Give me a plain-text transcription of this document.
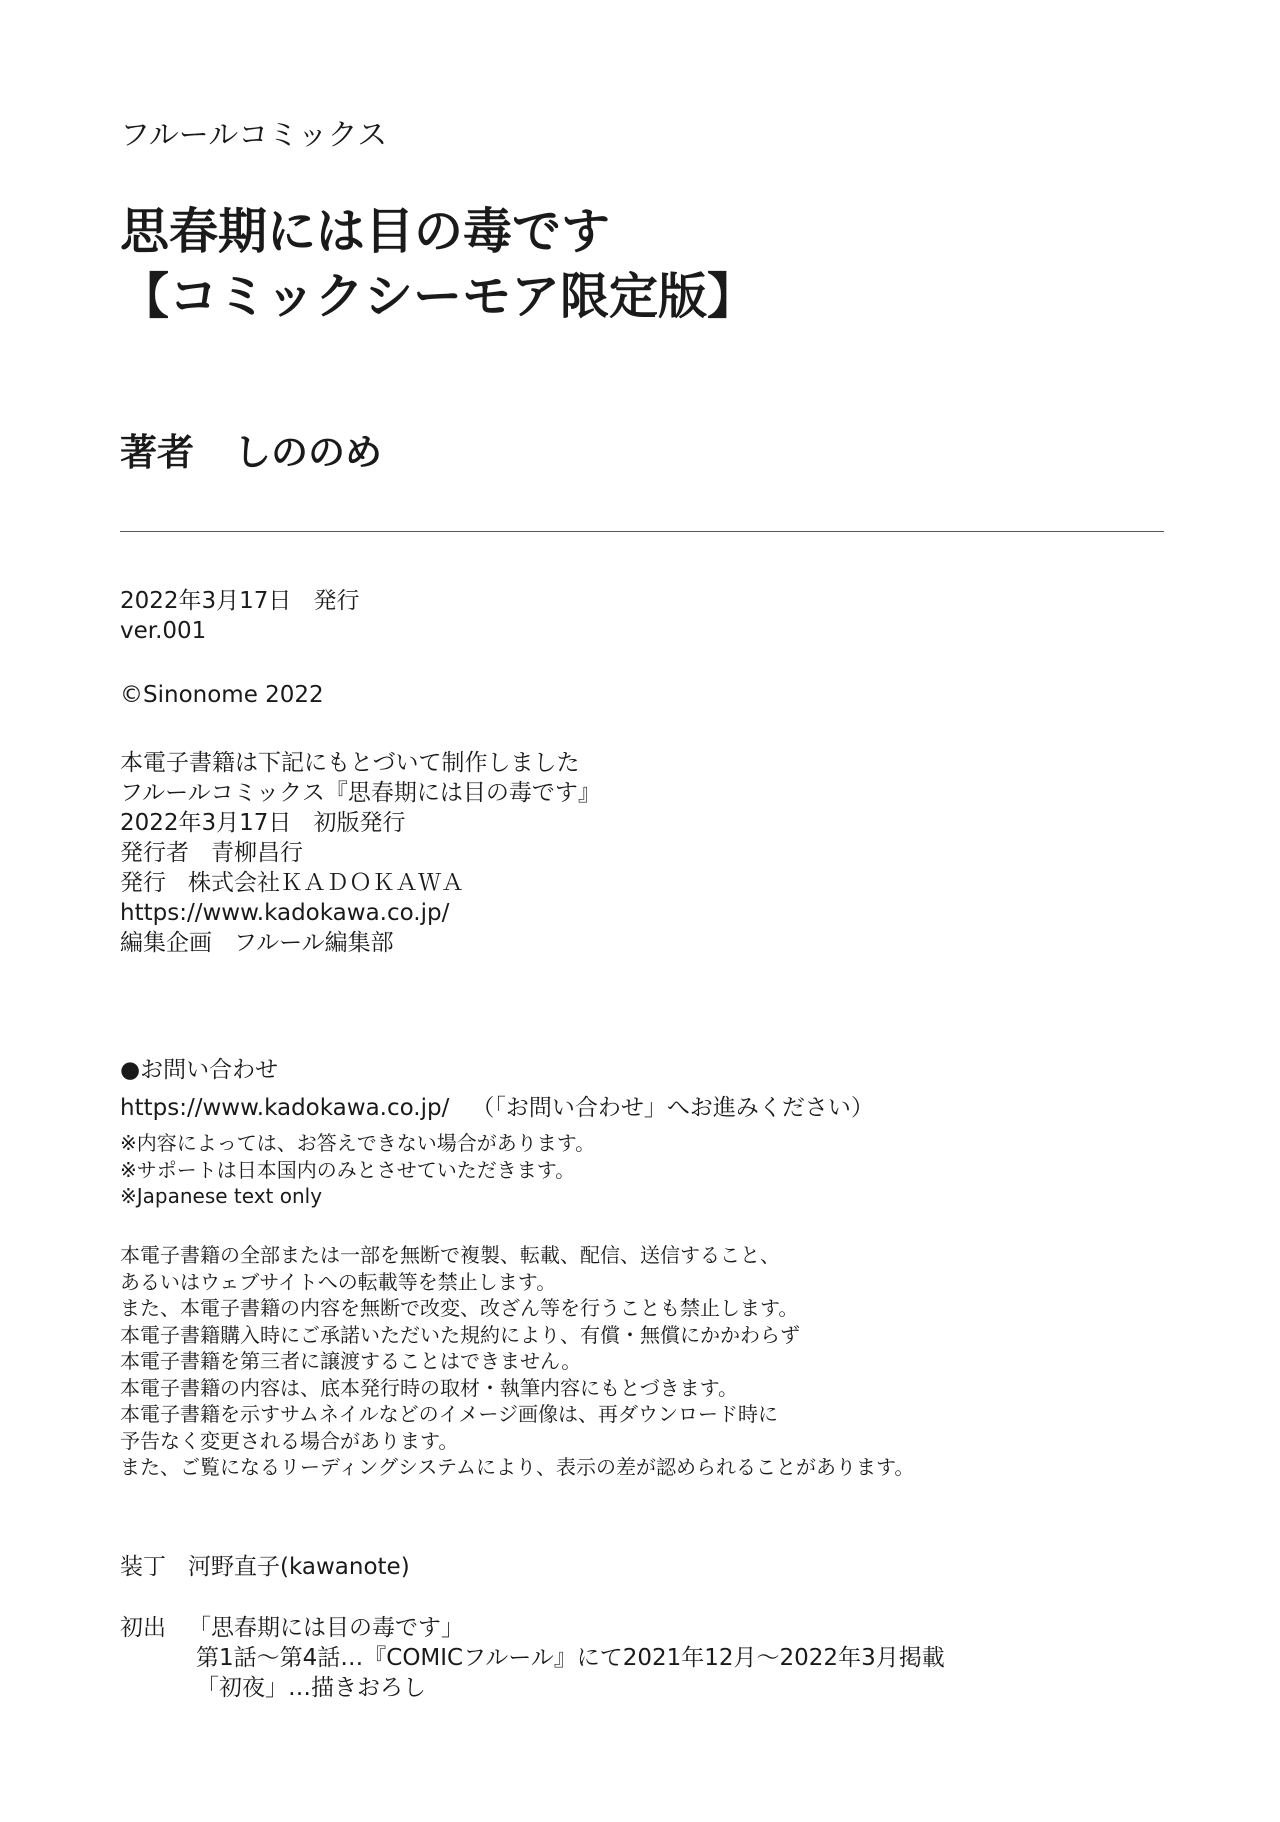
フルールコミックス
思春期には目の毒です
【コミックシーモア限定版】
著者 しののめ
2022年3月17日 発行
ver.001
©Sinonome 2022
本電子書籍は下記にもとづいて制作しました
フルールコミックス『思春期には目の毒です』
2022年3月17日 初版発行
発行者 青柳昌行
発行 株式会社ＫＡＤＯＫＡＷＡ
https://www.kadokawa.co.jp/
編集企画 フルール編集部
●お問い合わせ
https://www.kadokawa.co.jp/ （「お問い合わせ」へお進みください）
※内容によっては、お答えできない場合があります。
※サポートは日本国内のみとさせていただきます。
※Japanese text only
本電子書籍の全部または一部を無断で複製、転載、配信、送信すること、
あるいはウェブサイトへの転載等を禁止します。
また、本電子書籍の内容を無断で改変、改ざん等を行うことも禁止します。
本電子書籍購入時にご承諾いただいた規約により、有償・無償にかかわらず
本電子書籍を第三者に譲渡することはできません。
本電子書籍の内容は、底本発行時の取材・執筆内容にもとづきます。
本電子書籍を示すサムネイルなどのイメージ画像は、再ダウンロード時に
予告なく変更される場合があります。
また、ご覧になるリーディングシステムにより、表示の差が認められることがあります。
装丁 河野直子(kawanote)
初出 「思春期には目の毒です」
第1話～第4話…『COMICフルール』にて2021年12月～2022年3月掲載
「初夜」…描きおろし
